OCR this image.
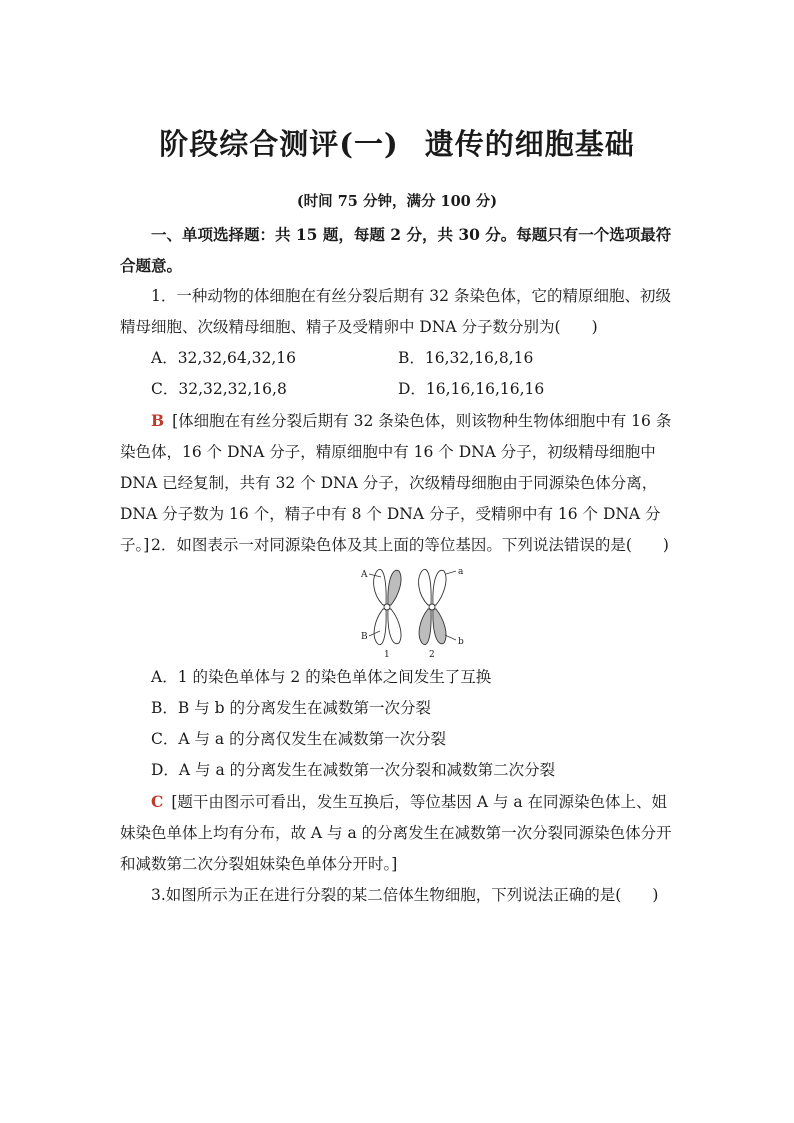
阶段综合测评(一) 遗传的细胞基础
(时间 75 分钟，满分 100 分)
一、单项选择题：共 15 题，每题 2 分，共 30 分。每题只有一个选项最符合题意。
1．一种动物的体细胞在有丝分裂后期有 32 条染色体，它的精原细胞、初级精母细胞、次级精母细胞、精子及受精卵中 DNA 分子数分别为(　　)
A．32,32,64,32,16	B．16,32,16,8,16
C．32,32,32,16,8	D．16,16,16,16,16
B [体细胞在有丝分裂后期有 32 条染色体，则该物种生物体细胞中有 16 条染色体，16 个 DNA 分子，精原细胞中有 16 个 DNA 分子，初级精母细胞中 DNA 已经复制，共有 32 个 DNA 分子，次级精母细胞由于同源染色体分离，DNA 分子数为 16 个，精子中有 8 个 DNA 分子，受精卵中有 16 个 DNA 分子。] 2．如图表示一对同源染色体及其上面的等位基因。下列说法错误的是(　　)
A	a
B	b
1	2
A．1 的染色单体与 2 的染色单体之间发生了互换
B．B 与 b 的分离发生在减数第一次分裂
C．A 与 a 的分离仅发生在减数第一次分裂
D．A 与 a 的分离发生在减数第一次分裂和减数第二次分裂
C [题干由图示可看出，发生互换后，等位基因 A 与 a 在同源染色体上、姐妹染色单体上均有分布，故 A 与 a 的分离发生在减数第一次分裂同源染色体分开和减数第二次分裂姐妹染色单体分开时。]
3.如图所示为正在进行分裂的某二倍体生物细胞，下列说法正确的是(　　)
